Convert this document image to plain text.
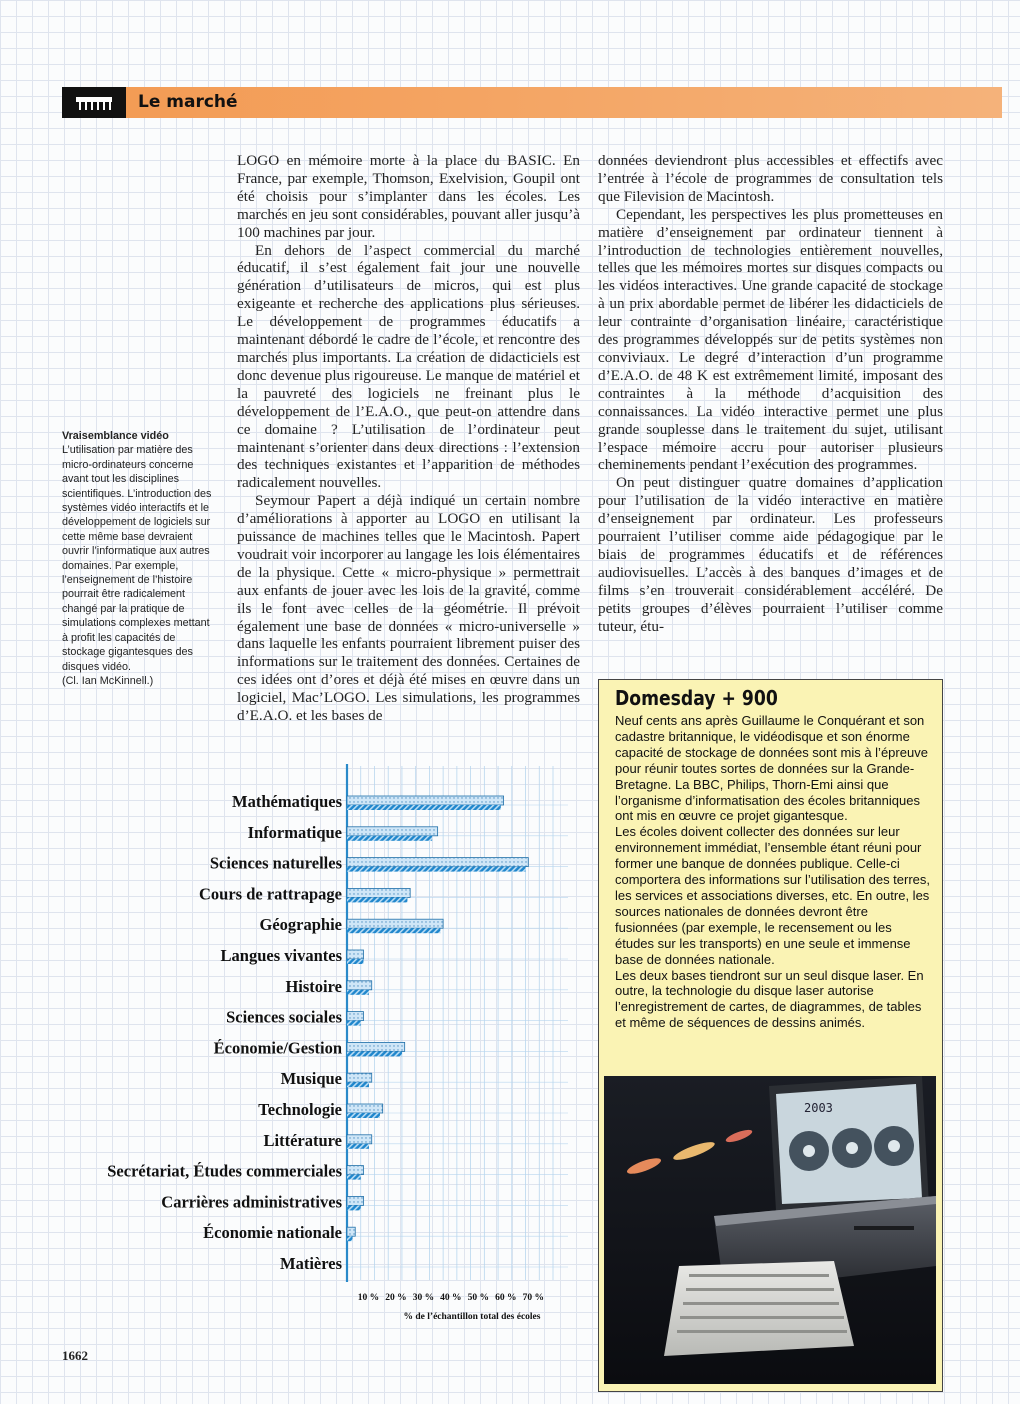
Le marché
Vraisemblance vidéo
L’utilisation par matière des micro-ordinateurs concerne avant tout les disciplines scientifiques. L’introduction des systèmes vidéo interactifs et le développement de logiciels sur cette même base devraient ouvrir l’informatique aux autres domaines. Par exemple, l’enseignement de l’histoire pourrait être radicalement changé par la pratique de simulations complexes mettant à profit les capacités de stockage gigantesques des disques vidéo.
(Cl. Ian McKinnell.)

LOGO en mémoire morte à la place du BASIC. En France, par exemple, Thomson, Exelvision, Goupil ont été choisis pour s’implanter dans les écoles. Les marchés en jeu sont considérables, pouvant aller jusqu’à 100 machines par jour.

En dehors de l’aspect commercial du marché éducatif, il s’est également fait jour une nouvelle génération d’utilisateurs de micros, qui est plus exigeante et recherche des applications plus sérieuses. Le développement de programmes éducatifs a maintenant débordé le cadre de l’école, et rencontre des marchés plus importants. La création de didacticiels est donc devenue plus rigoureuse. Le manque de matériel et la pauvreté des logiciels ne freinant plus le développement de l’E.A.O., que peut-on attendre dans ce domaine ? L’utilisation de l’ordinateur peut maintenant s’orienter dans deux directions : l’extension des techniques existantes et l’apparition de méthodes radicalement nouvelles.

Seymour Papert a déjà indiqué un certain nombre d’améliorations à apporter au LOGO en utilisant la puissance de machines telles que le Macintosh. Papert voudrait voir incorporer au langage les lois élémentaires de la physique. Cette « micro-physique » permettrait aux enfants de jouer avec les lois de la gravité, comme ils le font avec celles de la géométrie. Il prévoit également une base de données « micro-universelle » dans laquelle les enfants pourraient librement puiser des informations sur le traitement des données. Certaines de ces idées ont d’ores et déjà été mises en œuvre dans un logiciel, Mac’LOGO. Les simulations, les programmes d’E.A.O. et les bases de

données deviendront plus accessibles et effectifs avec l’entrée à l’école de programmes de consultation tels que Filevision de Macintosh.

Cependant, les perspectives les plus prometteuses en matière d’enseignement par ordinateur tiennent à l’introduction de technologies entièrement nouvelles, telles que les mémoires mortes sur disques compacts ou les vidéos interactives. Une grande capacité de stockage à un prix abordable permet de libérer les didacticiels de leur contrainte d’organisation linéaire, caractéristique des programmes développés sur de petits systèmes non conviviaux. Le degré d’interaction d’un programme d’E.A.O. de 48 K est extrêmement limité, imposant des contraintes à la méthode d’acquisition des connaissances. La vidéo interactive permet une plus grande souplesse dans le traitement du sujet, utilisant l’espace mémoire accru pour autoriser plusieurs cheminements pendant l’exécution des programmes.

On peut distinguer quatre domaines d’application pour l’utilisation de la vidéo interactive en matière d’enseignement par ordinateur. Les professeurs pourraient l’utiliser comme aide pédagogique par le biais de programmes éducatifs et de références audiovisuelles. L’accès à des banques d’images et de films s’en trouverait considérablement accéléré. De petits groupes d’élèves pourraient l’utiliser comme tuteur, étu-

Mathématiques
Informatique
Sciences naturelles
Cours de rattrapage
Géographie
Langues vivantes
Histoire
Sciences sociales
Économie/Gestion
Musique
Technologie
Littérature
Secrétariat, Études commerciales
Carrières administratives
Économie nationale
Matières
10 % 20 % 30 % 40 % 50 % 60 % 70 %
% de l’échantillon total des écoles
Domesday + 900

Neuf cents ans après Guillaume le Conquérant et son cadastre britannique, le vidéodisque et son énorme capacité de stockage de données sont mis à l’épreuve pour réunir toutes sortes de données sur la Grande-Bretagne. La BBC, Philips, Thorn-Emi ainsi que l’organisme d’informatisation des écoles britanniques ont mis en œuvre ce projet gigantesque.

Les écoles doivent collecter des données sur leur environnement immédiat, l’ensemble étant réuni pour former une banque de données publique. Celle-ci comportera des informations sur l’utilisation des terres, les services et associations diverses, etc. En outre, les sources nationales de données devront être fusionnées (par exemple, le recensement ou les études sur les transports) en une seule et immense base de données nationale.

Les deux bases tiendront sur un seul disque laser. En outre, la technologie du disque laser autorise l’enregistrement de cartes, de diagrammes, de tables et même de séquences de dessins animés.

2003
1662
